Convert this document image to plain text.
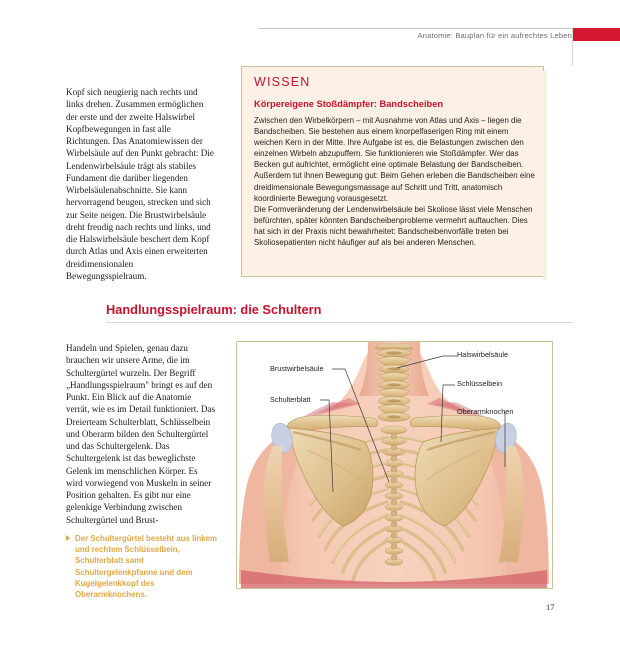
Anatomie: Bauplan für ein aufrechtes Leben
Kopf sich neugierig nach rechts und links drehen. Zusammen ermöglichen der erste und der zweite Halswirbel Kopfbewegungen in fast alle Richtungen. Das Anatomiewissen der Wirbelsäule auf den Punkt gebracht: Die Lendenwirbelsäule trägt als stabiles Fundament die darüber liegenden Wirbelsäulenabschnitte. Sie kann hervorragend beugen, strecken und sich zur Seite neigen. Die Brustwirbelsäule dreht freudig nach rechts und links, und die Halswirbelsäule beschert dem Kopf durch Atlas und Axis einen erweiterten dreidimensionalen Bewegungsspielraum.
WISSEN
Körpereigene Stoßdämpfer: Bandscheiben

Zwischen den Wirbelkörpern – mit Ausnahme von Atlas und Axis – liegen die Bandscheiben. Sie bestehen aus einem knorpelfaserigen Ring mit einem weichen Kern in der Mitte. Ihre Aufgabe ist es, die Belastungen zwischen den einzelnen Wirbeln abzupuffern. Sie funktionieren wie Stoßdämpfer. Wer das Becken gut aufrichtet, ermöglicht eine optimale Belastung der Bandscheiben. Außerdem tut ihnen Bewegung gut: Beim Gehen erleben die Bandscheiben eine dreidimensionale Bewegungsmassage auf Schritt und Tritt, anatomisch koordinierte Bewegung vorausgesetzt.

Die Formveränderung der Lendenwirbelsäule bei Skoliose lässt viele Menschen befürchten, später könnten Bandscheibenprobleme vermehrt auftauchen. Dies hat sich in der Praxis nicht bewahrheitet: Bandscheibenvorfälle treten bei Skoliosepatienten nicht häufiger auf als bei anderen Menschen.

Handlungsspielraum: die Schultern
Handeln und Spielen, genau dazu brauchen wir unsere Arme, die im Schultergürtel wurzeln. Der Begriff „Handlungsspielraum" bringt es auf den Punkt. Ein Blick auf die Anatomie verrät, wie es im Detail funktioniert. Das Dreierteam Schulterblatt, Schlüsselbein und Oberarm bilden den Schultergürtel und das Schultergelenk. Das Schultergelenk ist das beweglichste Gelenk im menschlichen Körper. Es wird vorwiegend von Muskeln in seiner Position gehalten. Es gibt nur eine gelenkige Verbindung zwischen Schultergürtel und Brust-
Der Schultergürtel besteht aus linkem und rechtem Schlüsselbein, Schulterblatt samt Schultergelenkpfanne und dem Kugelgelenkkopf des Oberarmknochens.
Halswirbelsäule
Schlüsselbein
Oberarmknochen
Brustwirbelsäule
Schulterblatt
17
